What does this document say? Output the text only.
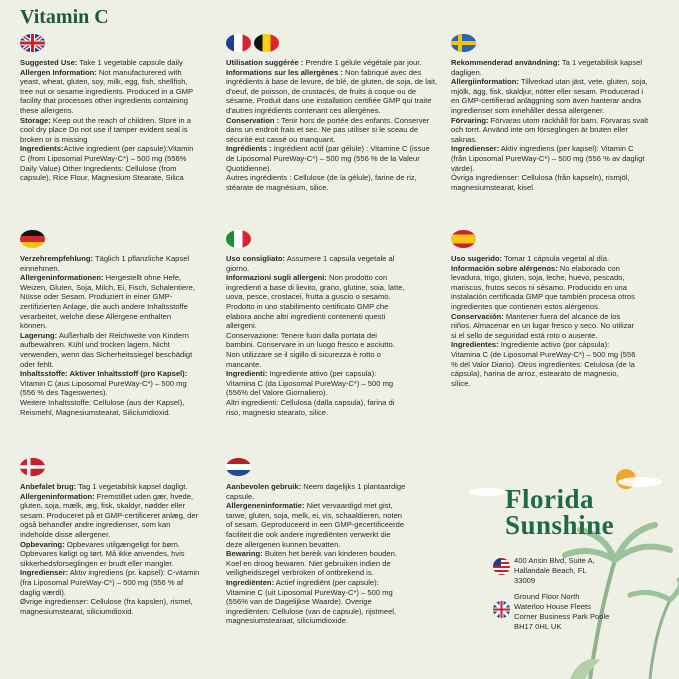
Vitamin C

Suggested Use: Take 1 vegetable capsule daily

Allergen Information: Not manufacturered with yeast, wheat, gluten, soy, milk, egg, fish, shellfish, tree nut or sesame ingredients. Produced in a GMP facility that processes other ingredients containing these allergens.

Storage: Keep out the reach of children. Store in a cool dry place Do not use if tamper evident seal is broken or is missing

Ingredients:Active ingredient (per capsule):Vitamin C (from Liposomal PureWay-C*) – 500 mg (556% Daily Value) Other Ingredients: Cellulose (from capsule), Rice Flour, Magnesium Stearate, Silica

Utilisation suggérée : Prendre 1 gélule végétale par jour.

Informations sur les allergènes : Non fabriqué avec des ingrédients à base de levure, de blé, de gluten, de soja, de lait, d'oeuf, de poisson, de crustacés, de fruits à coque ou de sésame. Produit dans une installation certifiée GMP qui traite d'autres ingrédients contenant ces allergènes.

Conservation : Tenir hors de portée des enfants. Conserver dans un endroit frais et sec. Ne pas utiliser si le sceau de sécurité est cassé ou manquant.

Ingrédients : Ingrédient actif (par gélule) : Vitamine C (issue de Liposomal PureWay-C*) – 500 mg (556 % de la Valeur Quotidienne).

Autres ingrédients : Cellulose (de la gélule), farine de riz, stéarate de magnésium, silice.

Rekommenderad användning: Ta 1 vegetabilisk kapsel dagligen.

Allergiinformation: Tillverkad utan jäst, vete, gluten, soja, mjölk, ägg, fisk, skaldjur, nötter eller sesam. Producerad i en GMP-certifierad anläggning som även hanterar andra ingredienser som innehåller dessa allergener.

Förvaring: Förvaras utom räckhåll för barn. Förvaras svalt och torrt. Använd inte om förseglingen är bruten eller saknas.

Ingredienser: Aktiv ingrediens (per kapsel): Vitamin C (från Liposomal PureWay-C*) – 500 mg (556 % av dagligt värde).

Övriga ingredienser: Cellulosa (från kapseln), rismjöl, magnesiumstearat, kisel.

Verzehrempfehlung: Täglich 1 pflanzliche Kapsel einnehmen.

Allergeninformationen: Hergestellt ohne Hefe, Weizen, Gluten, Soja, Milch, Ei, Fisch, Schalentiere, Nüsse oder Sesam. Produziert in einer GMP-zertifizierten Anlage, die auch andere Inhaltsstoffe verarbeitet, welche diese Allergene enthalten können.

Lagerung: Außerhalb der Reichweite von Kindern aufbewahren. Kühl und trocken lagern. Nicht verwenden, wenn das Sicherheitssiegel beschädigt oder fehlt.

Inhaltsstoffe: Aktiver Inhaltsstoff (pro Kapsel): Vitamin C (aus Liposomal PureWay-C*) – 500 mg (556 % des Tageswertes).

Weitere Inhaltsstoffe: Cellulose (aus der Kapsel), Reismehl, Magnesiumstearat, Siliciumdioxid.

Uso consigliato: Assumere 1 capsula vegetale al giorno.

Informazioni sugli allergeni: Non prodotto con ingredienti a base di lievito, grano, glutine, soia, latte, uova, pesce, crostacei, frutta a guscio o sesamo. Prodotto in uno stabilimento certificato GMP che elabora anche altri ingredienti contenenti questi allergeni.

Conservazione: Tenere fuori dalla portata dei bambini. Conservare in un luogo fresco e asciutto. Non utilizzare se il sigillo di sicurezza è rotto o mancante.

Ingredienti: Ingrediente attivo (per capsula): Vitamina C (da Liposomal PureWay-C*) – 500 mg (556% del Valore Giornaliero).

Altri ingredienti: Cellulosa (dalla capsula), farina di riso, magnesio stearato, silice.

Uso sugerido: Tomar 1 cápsula vegetal al día.

Información sobre alérgenos: No elaborado con levadura, trigo, gluten, soja, leche, huevo, pescado, mariscos, frutos secos ni sésamo. Producido en una instalación certificada GMP que también procesa otros ingredientes que contienen estos alérgenos.

Conservación: Mantener fuera del alcance de los niños. Almacenar en un lugar fresco y seco. No utilizar si el sello de seguridad está roto o ausente.

Ingredientes: Ingrediente activo (por cápsula): Vitamina C (de Liposomal PureWay-C*) – 500 mg (556 % del Valor Diario). Otros ingredientes: Celulosa (de la cápsula), harina de arroz, estearato de magnesio, sílice.

Anbefalet brug: Tag 1 vegetabilsk kapsel dagligt.

Allergeninformation: Fremstillet uden gær, hvede, gluten, soja, mælk, æg, fisk, skaldyr, nødder eller sesam. Produceret på et GMP-certificeret anlæg, der også behandler andre ingredienser, som kan indeholde disse allergener.

Opbevaring: Opbevares utilgængeligt for børn. Opbevares køligt og tørt. Må ikke anvendes, hvis sikkerhedsforseglingen er brudt eller mangler.

Ingredienser: Aktiv ingrediens (pr. kapsel): C-vitamin (fra Liposomal PureWay-C*) – 500 mg (556 % af daglig værdi).

Øvrige ingredienser: Cellulose (fra kapslen), rismel, magnesiumstearat, siliciumdioxid.

Aanbevolen gebruik: Neem dagelijks 1 plantaardige capsule.

Allergeneninformatie: Niet vervaardigd met gist, tarwe, gluten, soja, melk, ei, vis, schaaldieren, noten of sesam. Geproduceerd in een GMP-gecertificeerde faciliteit die ook andere ingrediënten verwerkt die deze allergenen kunnen bevatten.

Bewaring: Buiten het bereik van kinderen houden. Koel en droog bewaren. Niet gebruiken indien de veiligheidszegel verbroken of ontbrekend is.

Ingrediënten: Actief ingrediënt (per capsule): Vitamine C (uit Liposomal PureWay-C*) – 500 mg (556% van de Dagelijkse Waarde). Overige ingrediënten: Cellulose (van de capsule), rijstmeel, magnesiumstearaat, siliciumdioxide.

Florida
Sunshine
400 Ansin Blvd, Suite A,
Hallandale Beach, FL
33009
Ground Floor North
Waterloo House Fleets
Corner Business Park Poole
BH17 0HL UK
